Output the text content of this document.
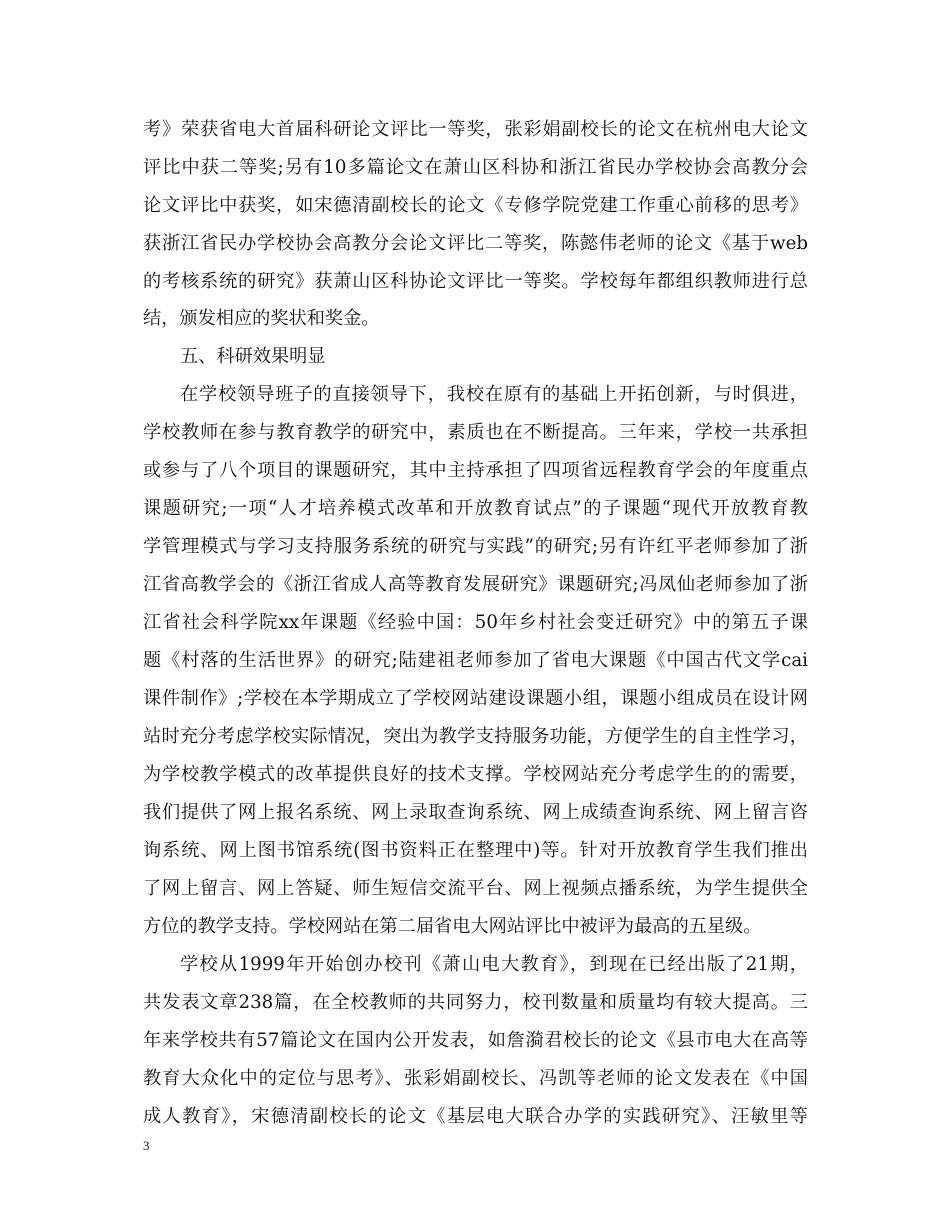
考》荣获省电大首届科研论文评比一等奖，张彩娟副校长的论文在杭州电大论文
评比中获二等奖;另有10多篇论文在萧山区科协和浙江省民办学校协会高教分会
论文评比中获奖，如宋德清副校长的论文《专修学院党建工作重心前移的思考》
获浙江省民办学校协会高教分会论文评比二等奖，陈懿伟老师的论文《基于web
的考核系统的研究》获萧山区科协论文评比一等奖。学校每年都组织教师进行总
结，颁发相应的奖状和奖金。
五、科研效果明显
在学校领导班子的直接领导下，我校在原有的基础上开拓创新，与时俱进，
学校教师在参与教育教学的研究中，素质也在不断提高。三年来，学校一共承担
或参与了八个项目的课题研究，其中主持承担了四项省远程教育学会的年度重点
课题研究;一项“人才培养模式改革和开放教育试点”的子课题“现代开放教育教
学管理模式与学习支持服务系统的研究与实践”的研究;另有许红平老师参加了浙
江省高教学会的《浙江省成人高等教育发展研究》课题研究;冯凤仙老师参加了浙
江省社会科学院xx年课题《经验中国：50年乡村社会变迁研究》中的第五子课
题《村落的生活世界》的研究;陆建祖老师参加了省电大课题《中国古代文学cai
课件制作》;学校在本学期成立了学校网站建设课题小组，课题小组成员在设计网
站时充分考虑学校实际情况，突出为教学支持服务功能，方便学生的自主性学习，
为学校教学模式的改革提供良好的技术支撑。学校网站充分考虑学生的的需要，
我们提供了网上报名系统、网上录取查询系统、网上成绩查询系统、网上留言咨
询系统、网上图书馆系统(图书资料正在整理中)等。针对开放教育学生我们推出
了网上留言、网上答疑、师生短信交流平台、网上视频点播系统，为学生提供全
方位的教学支持。学校网站在第二届省电大网站评比中被评为最高的五星级。
学校从1999年开始创办校刊《萧山电大教育》，到现在已经出版了21期，
共发表文章238篇，在全校教师的共同努力，校刊数量和质量均有较大提高。三
年来学校共有57篇论文在国内公开发表，如詹漪君校长的论文《县市电大在高等
教育大众化中的定位与思考》、张彩娟副校长、冯凯等老师的论文发表在《中国
成人教育》，宋德清副校长的论文《基层电大联合办学的实践研究》、汪敏里等
3
